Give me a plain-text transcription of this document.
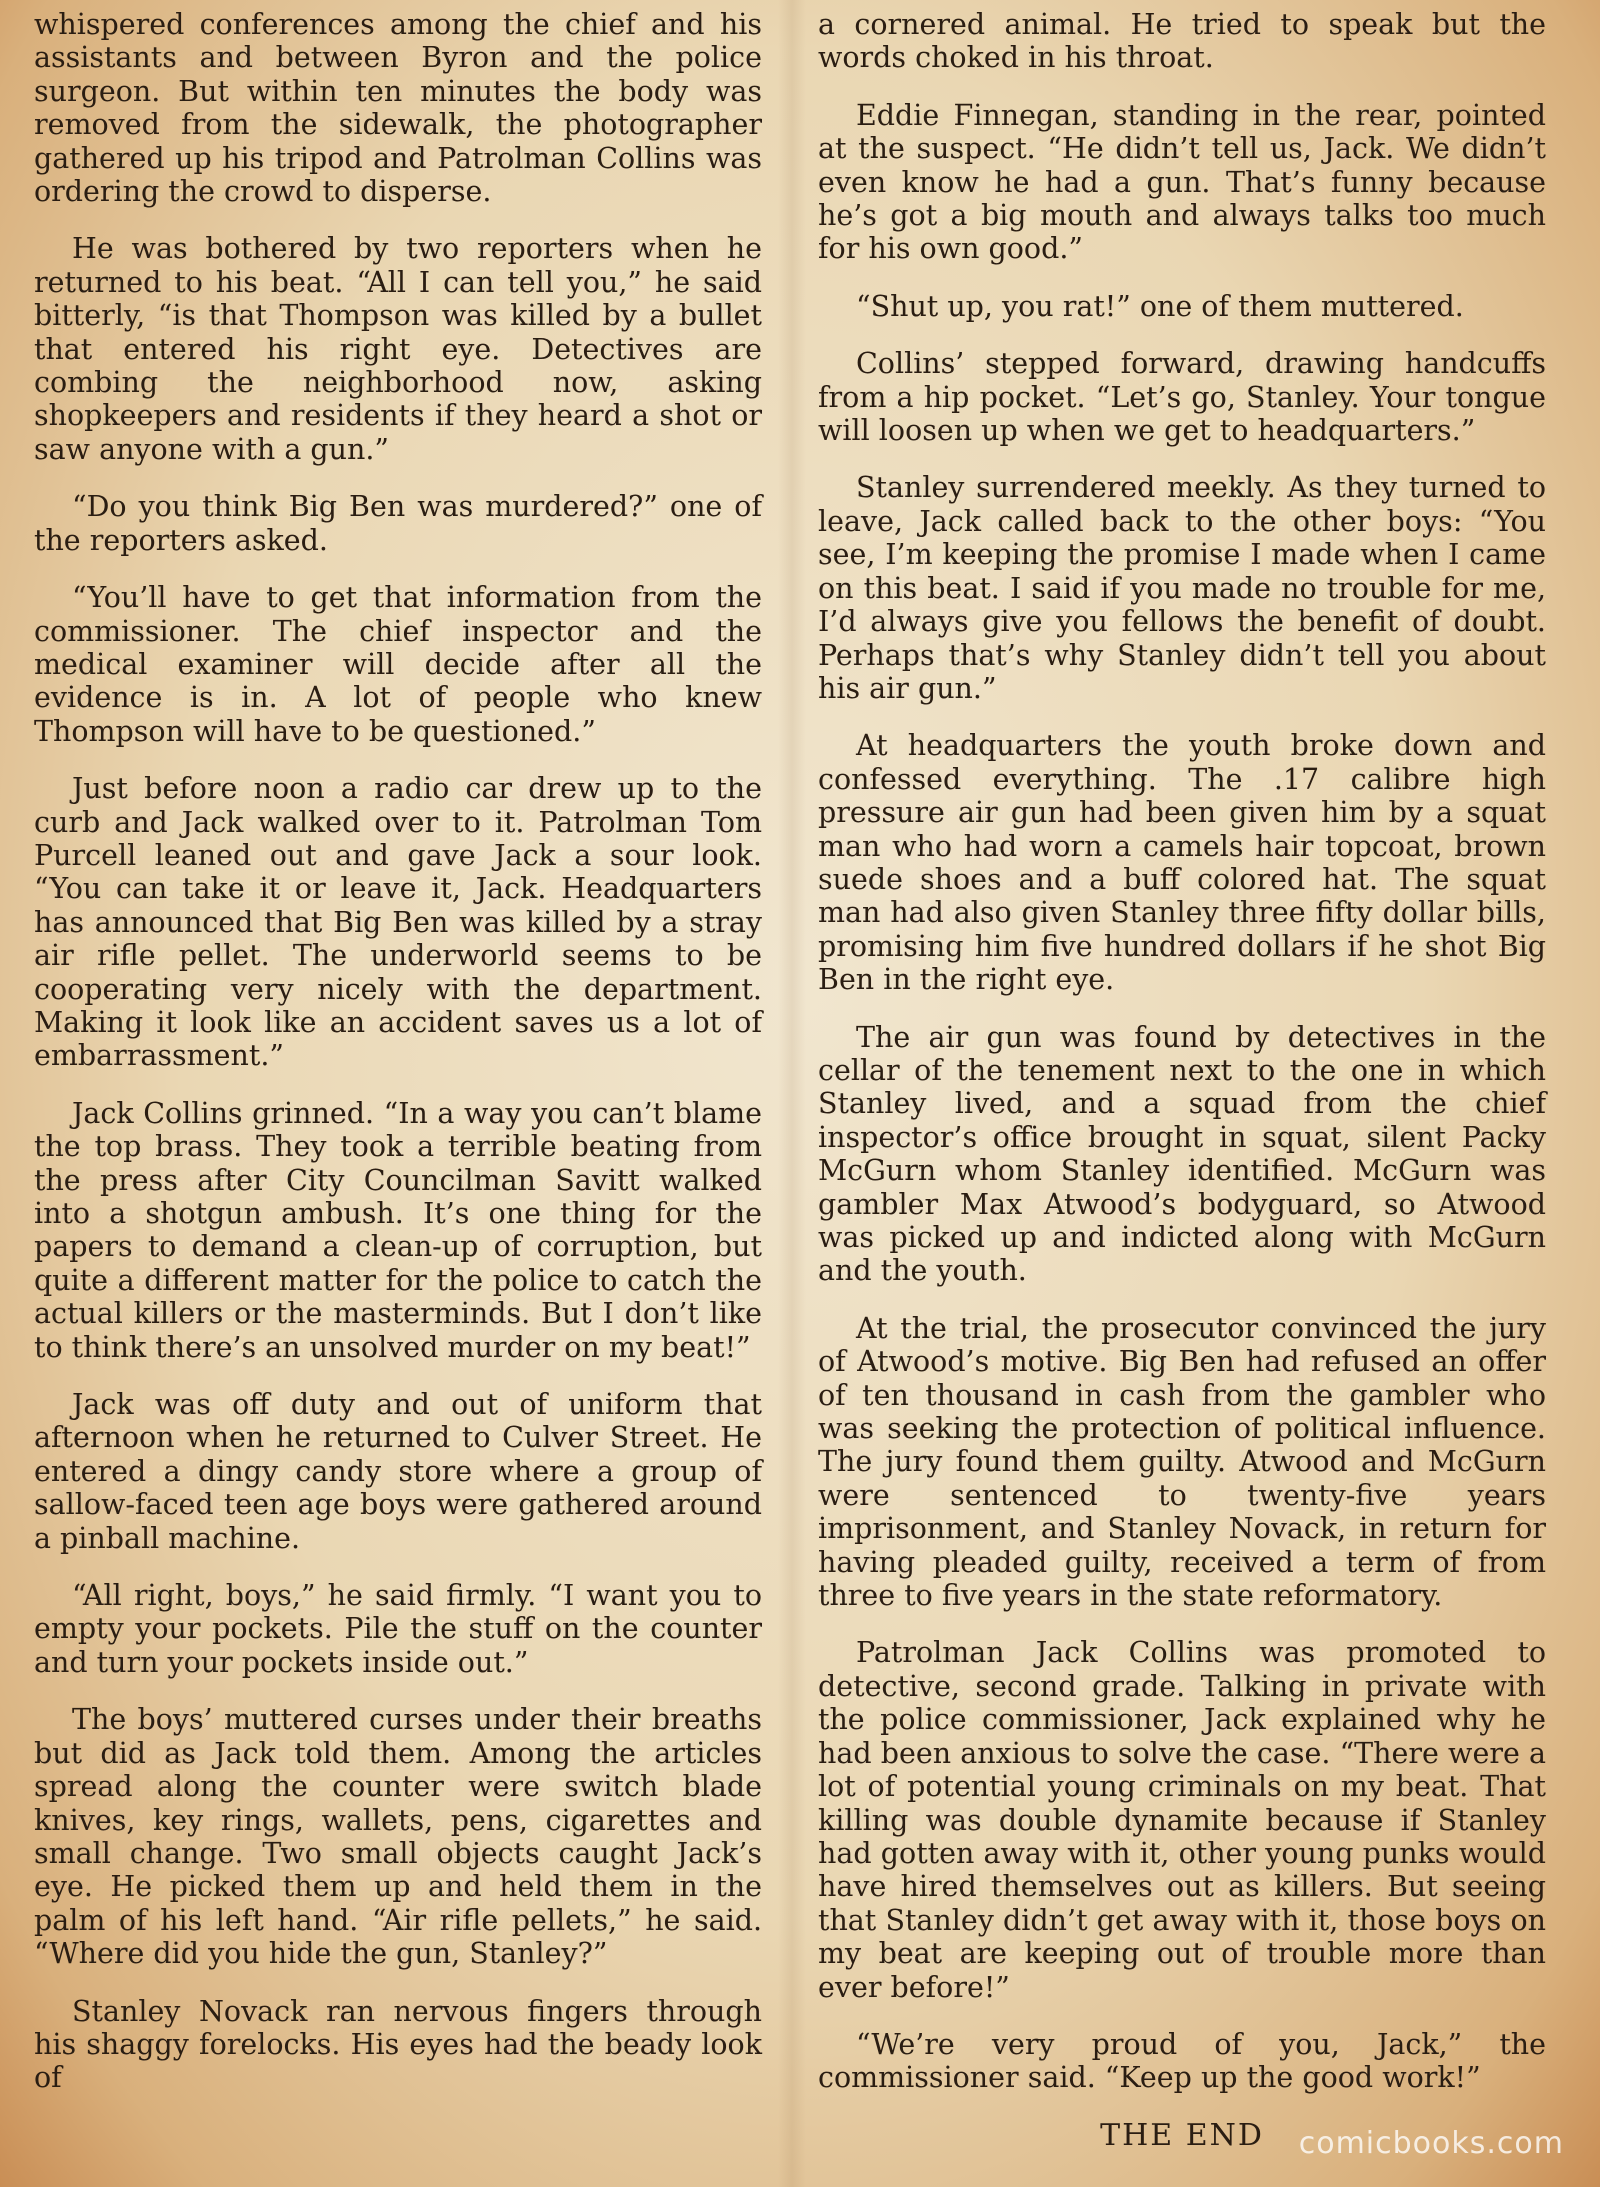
whispered conferences among the chief and his assistants and between Byron and the police surgeon. But within ten minutes the body was removed from the sidewalk, the photographer gathered up his tripod and Patrolman Collins was ordering the crowd to disperse.

He was bothered by two reporters when he returned to his beat. “All I can tell you,” he said bitterly, “is that Thompson was killed by a bullet that entered his right eye. Detectives are combing the neighborhood now, asking shopkeepers and residents if they heard a shot or saw anyone with a gun.”

“Do you think Big Ben was murdered?” one of the reporters asked.

“You’ll have to get that information from the commissioner. The chief inspector and the medical examiner will decide after all the evidence is in. A lot of people who knew Thompson will have to be questioned.”

Just before noon a radio car drew up to the curb and Jack walked over to it. Patrolman Tom Purcell leaned out and gave Jack a sour look. “You can take it or leave it, Jack. Headquarters has announced that Big Ben was killed by a stray air rifle pellet. The underworld seems to be cooperating very nicely with the department. Making it look like an accident saves us a lot of embarrassment.”

Jack Collins grinned. “In a way you can’t blame the top brass. They took a terrible beating from the press after City Councilman Savitt walked into a shotgun ambush. It’s one thing for the papers to demand a clean-up of corruption, but quite a different matter for the police to catch the actual killers or the masterminds. But I don’t like to think there’s an unsolved murder on my beat!”

Jack was off duty and out of uniform that afternoon when he returned to Culver Street. He entered a dingy candy store where a group of sallow-faced teen age boys were gathered around a pinball machine.

“All right, boys,” he said firmly. “I want you to empty your pockets. Pile the stuff on the counter and turn your pockets inside out.”

The boys’ muttered curses under their breaths but did as Jack told them. Among the articles spread along the counter were switch blade knives, key rings, wallets, pens, cigarettes and small change. Two small objects caught Jack’s eye. He picked them up and held them in the palm of his left hand. “Air rifle pellets,” he said. “Where did you hide the gun, Stanley?”

Stanley Novack ran nervous fingers through his shaggy forelocks. His eyes had the beady look of

a cornered animal. He tried to speak but the words choked in his throat.

Eddie Finnegan, standing in the rear, pointed at the suspect. “He didn’t tell us, Jack. We didn’t even know he had a gun. That’s funny because he’s got a big mouth and always talks too much for his own good.”

“Shut up, you rat!” one of them muttered.

Collins’ stepped forward, drawing handcuffs from a hip pocket. “Let’s go, Stanley. Your tongue will loosen up when we get to headquarters.”

Stanley surrendered meekly. As they turned to leave, Jack called back to the other boys: “You see, I’m keeping the promise I made when I came on this beat. I said if you made no trouble for me, I’d always give you fellows the benefit of doubt. Perhaps that’s why Stanley didn’t tell you about his air gun.”

At headquarters the youth broke down and confessed everything. The .17 calibre high pressure air gun had been given him by a squat man who had worn a camels hair topcoat, brown suede shoes and a buff colored hat. The squat man had also given Stanley three fifty dollar bills, promising him five hundred dollars if he shot Big Ben in the right eye.

The air gun was found by detectives in the cellar of the tenement next to the one in which Stanley lived, and a squad from the chief inspector’s office brought in squat, silent Packy McGurn whom Stanley identified. McGurn was gambler Max Atwood’s bodyguard, so Atwood was picked up and indicted along with McGurn and the youth.

At the trial, the prosecutor convinced the jury of Atwood’s motive. Big Ben had refused an offer of ten thousand in cash from the gambler who was seeking the protection of political influence. The jury found them guilty. Atwood and McGurn were sentenced to twenty-five years imprisonment, and Stanley Novack, in return for having pleaded guilty, received a term of from three to five years in the state reformatory.

Patrolman Jack Collins was promoted to detective, second grade. Talking in private with the police commissioner, Jack explained why he had been anxious to solve the case. “There were a lot of potential young criminals on my beat. That killing was double dynamite because if Stanley had gotten away with it, other young punks would have hired themselves out as killers. But seeing that Stanley didn’t get away with it, those boys on my beat are keeping out of trouble more than ever before!”

“We’re very proud of you, Jack,” the commissioner said. “Keep up the good work!”

THE END	comicbooks.com
